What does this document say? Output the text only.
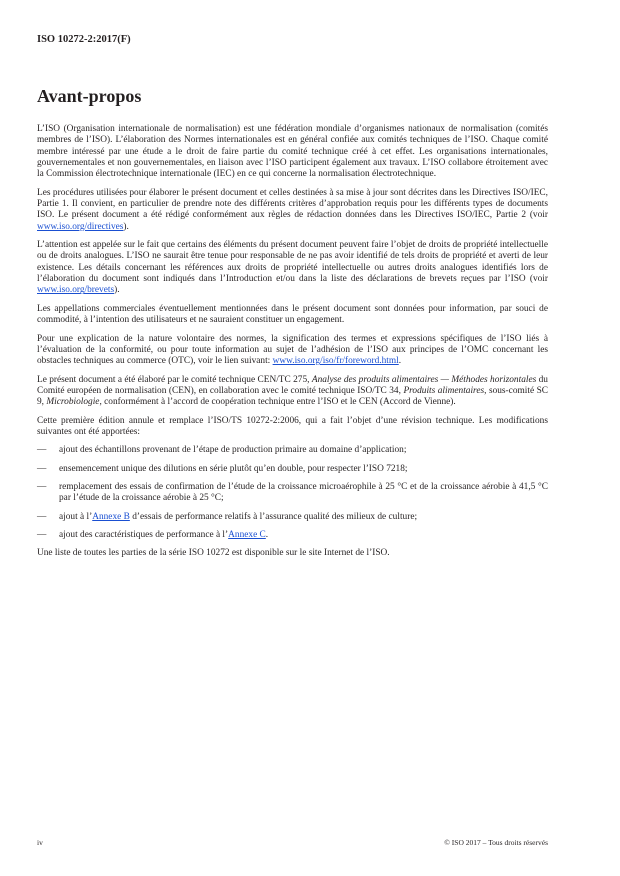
ISO 10272-2:2017(F)
Avant-propos

L’ISO (Organisation internationale de normalisation) est une fédération mondiale d’organismes nationaux de normalisation (comités membres de l’ISO). L’élaboration des Normes internationales est en général confiée aux comités techniques de l’ISO. Chaque comité membre intéressé par une étude a le droit de faire partie du comité technique créé à cet effet. Les organisations internationales, gouvernementales et non gouvernementales, en liaison avec l’ISO participent également aux travaux. L’ISO collabore étroitement avec la Commission électrotechnique internationale (IEC) en ce qui concerne la normalisation électrotechnique.

Les procédures utilisées pour élaborer le présent document et celles destinées à sa mise à jour sont décrites dans les Directives ISO/IEC, Partie 1. Il convient, en particulier de prendre note des différents critères d’approbation requis pour les différents types de documents ISO. Le présent document a été rédigé conformément aux règles de rédaction données dans les Directives ISO/IEC, Partie 2 (voir www.iso.org/directives).

L’attention est appelée sur le fait que certains des éléments du présent document peuvent faire l’objet de droits de propriété intellectuelle ou de droits analogues. L’ISO ne saurait être tenue pour responsable de ne pas avoir identifié de tels droits de propriété et averti de leur existence. Les détails concernant les références aux droits de propriété intellectuelle ou autres droits analogues identifiés lors de l’élaboration du document sont indiqués dans l’Introduction et/ou dans la liste des déclarations de brevets reçues par l’ISO (voir www.iso.org/brevets).

Les appellations commerciales éventuellement mentionnées dans le présent document sont données pour information, par souci de commodité, à l’intention des utilisateurs et ne sauraient constituer un engagement.

Pour une explication de la nature volontaire des normes, la signification des termes et expressions spécifiques de l’ISO liés à l’évaluation de la conformité, ou pour toute information au sujet de l’adhésion de l’ISO aux principes de l’OMC concernant les obstacles techniques au commerce (OTC), voir le lien suivant: www.iso.org/iso/fr/foreword.html.

Le présent document a été élaboré par le comité technique CEN/TC 275, Analyse des produits alimentaires — Méthodes horizontales du Comité européen de normalisation (CEN), en collaboration avec le comité technique ISO/TC 34, Produits alimentaires, sous-comité SC 9, Microbiologie, conformément à l’accord de coopération technique entre l’ISO et le CEN (Accord de Vienne).

Cette première édition annule et remplace l’ISO/TS 10272-2:2006, qui a fait l’objet d’une révision technique. Les modifications suivantes ont été apportées:

—	ajout des échantillons provenant de l’étape de production primaire au domaine d’application;
—	ensemencement unique des dilutions en série plutôt qu’en double, pour respecter l’ISO 7218;
—	remplacement des essais de confirmation de l’étude de la croissance microaérophile à 25 °C et de la croissance aérobie à 41,5 °C par l’étude de la croissance aérobie à 25 °C;
—	ajout à l’Annexe B d’essais de performance relatifs à l’assurance qualité des milieux de culture;
—	ajout des caractéristiques de performance à l’Annexe C.

Une liste de toutes les parties de la série ISO 10272 est disponible sur le site Internet de l’ISO.

iv	© ISO 2017 – Tous droits réservés
